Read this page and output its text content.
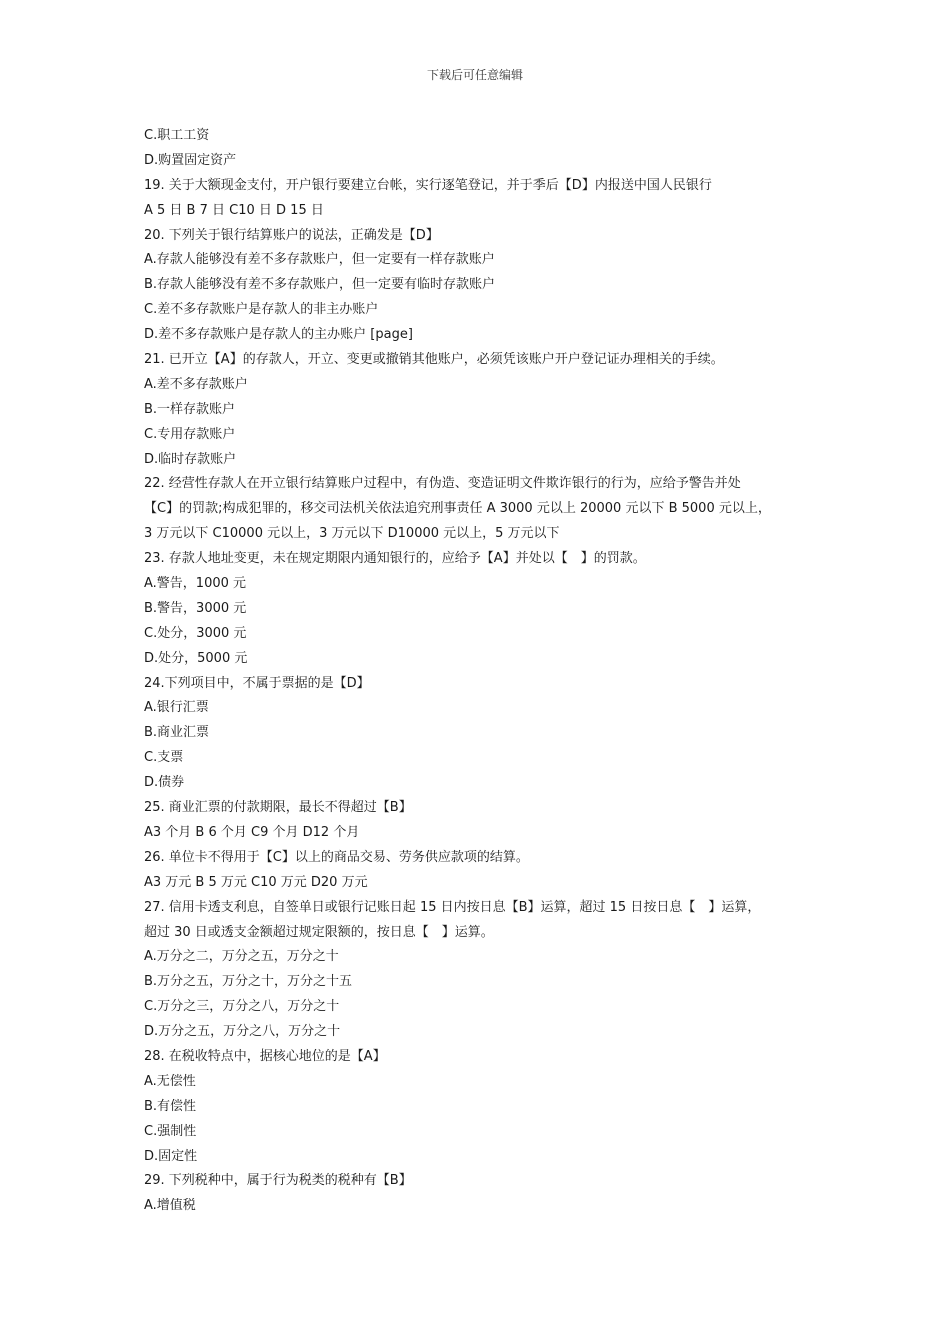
下载后可任意编辑
C.职工工资
D.购置固定资产
19. 关于大额现金支付，开户银行要建立台帐，实行逐笔登记，并于季后【D】内报送中国人民银行
A 5 日 B 7 日 C10 日 D 15 日
20. 下列关于银行结算账户的说法，正确发是【D】
A.存款人能够没有差不多存款账户，但一定要有一样存款账户
B.存款人能够没有差不多存款账户，但一定要有临时存款账户
C.差不多存款账户是存款人的非主办账户
D.差不多存款账户是存款人的主办账户 [page]
21. 已开立【A】的存款人，开立、变更或撤销其他账户，必须凭该账户开户登记证办理相关的手续。
A.差不多存款账户
B.一样存款账户
C.专用存款账户
D.临时存款账户
22. 经营性存款人在开立银行结算账户过程中，有伪造、变造证明文件欺诈银行的行为，应给予警告并处
【C】的罚款;构成犯罪的，移交司法机关依法追究刑事责任 A 3000 元以上 20000 元以下 B 5000 元以上，
3 万元以下 C10000 元以上，3 万元以下 D10000 元以上，5 万元以下
23. 存款人地址变更，未在规定期限内通知银行的，应给予【A】并处以【　】的罚款。
A.警告，1000 元
B.警告，3000 元
C.处分，3000 元
D.处分，5000 元
24.下列项目中，不属于票据的是【D】
A.银行汇票
B.商业汇票
C.支票
D.债券
25. 商业汇票的付款期限，最长不得超过【B】
A3 个月 B 6 个月 C9 个月 D12 个月
26. 单位卡不得用于【C】以上的商品交易、劳务供应款项的结算。
A3 万元 B 5 万元 C10 万元 D20 万元
27. 信用卡透支利息，自签单日或银行记账日起 15 日内按日息【B】运算，超过 15 日按日息【　】运算，
超过 30 日或透支金额超过规定限额的，按日息【　】运算。
A.万分之二，万分之五，万分之十
B.万分之五，万分之十，万分之十五
C.万分之三，万分之八，万分之十
D.万分之五，万分之八，万分之十
28. 在税收特点中，据核心地位的是【A】
A.无偿性
B.有偿性
C.强制性
D.固定性
29. 下列税种中，属于行为税类的税种有【B】
A.增值税
